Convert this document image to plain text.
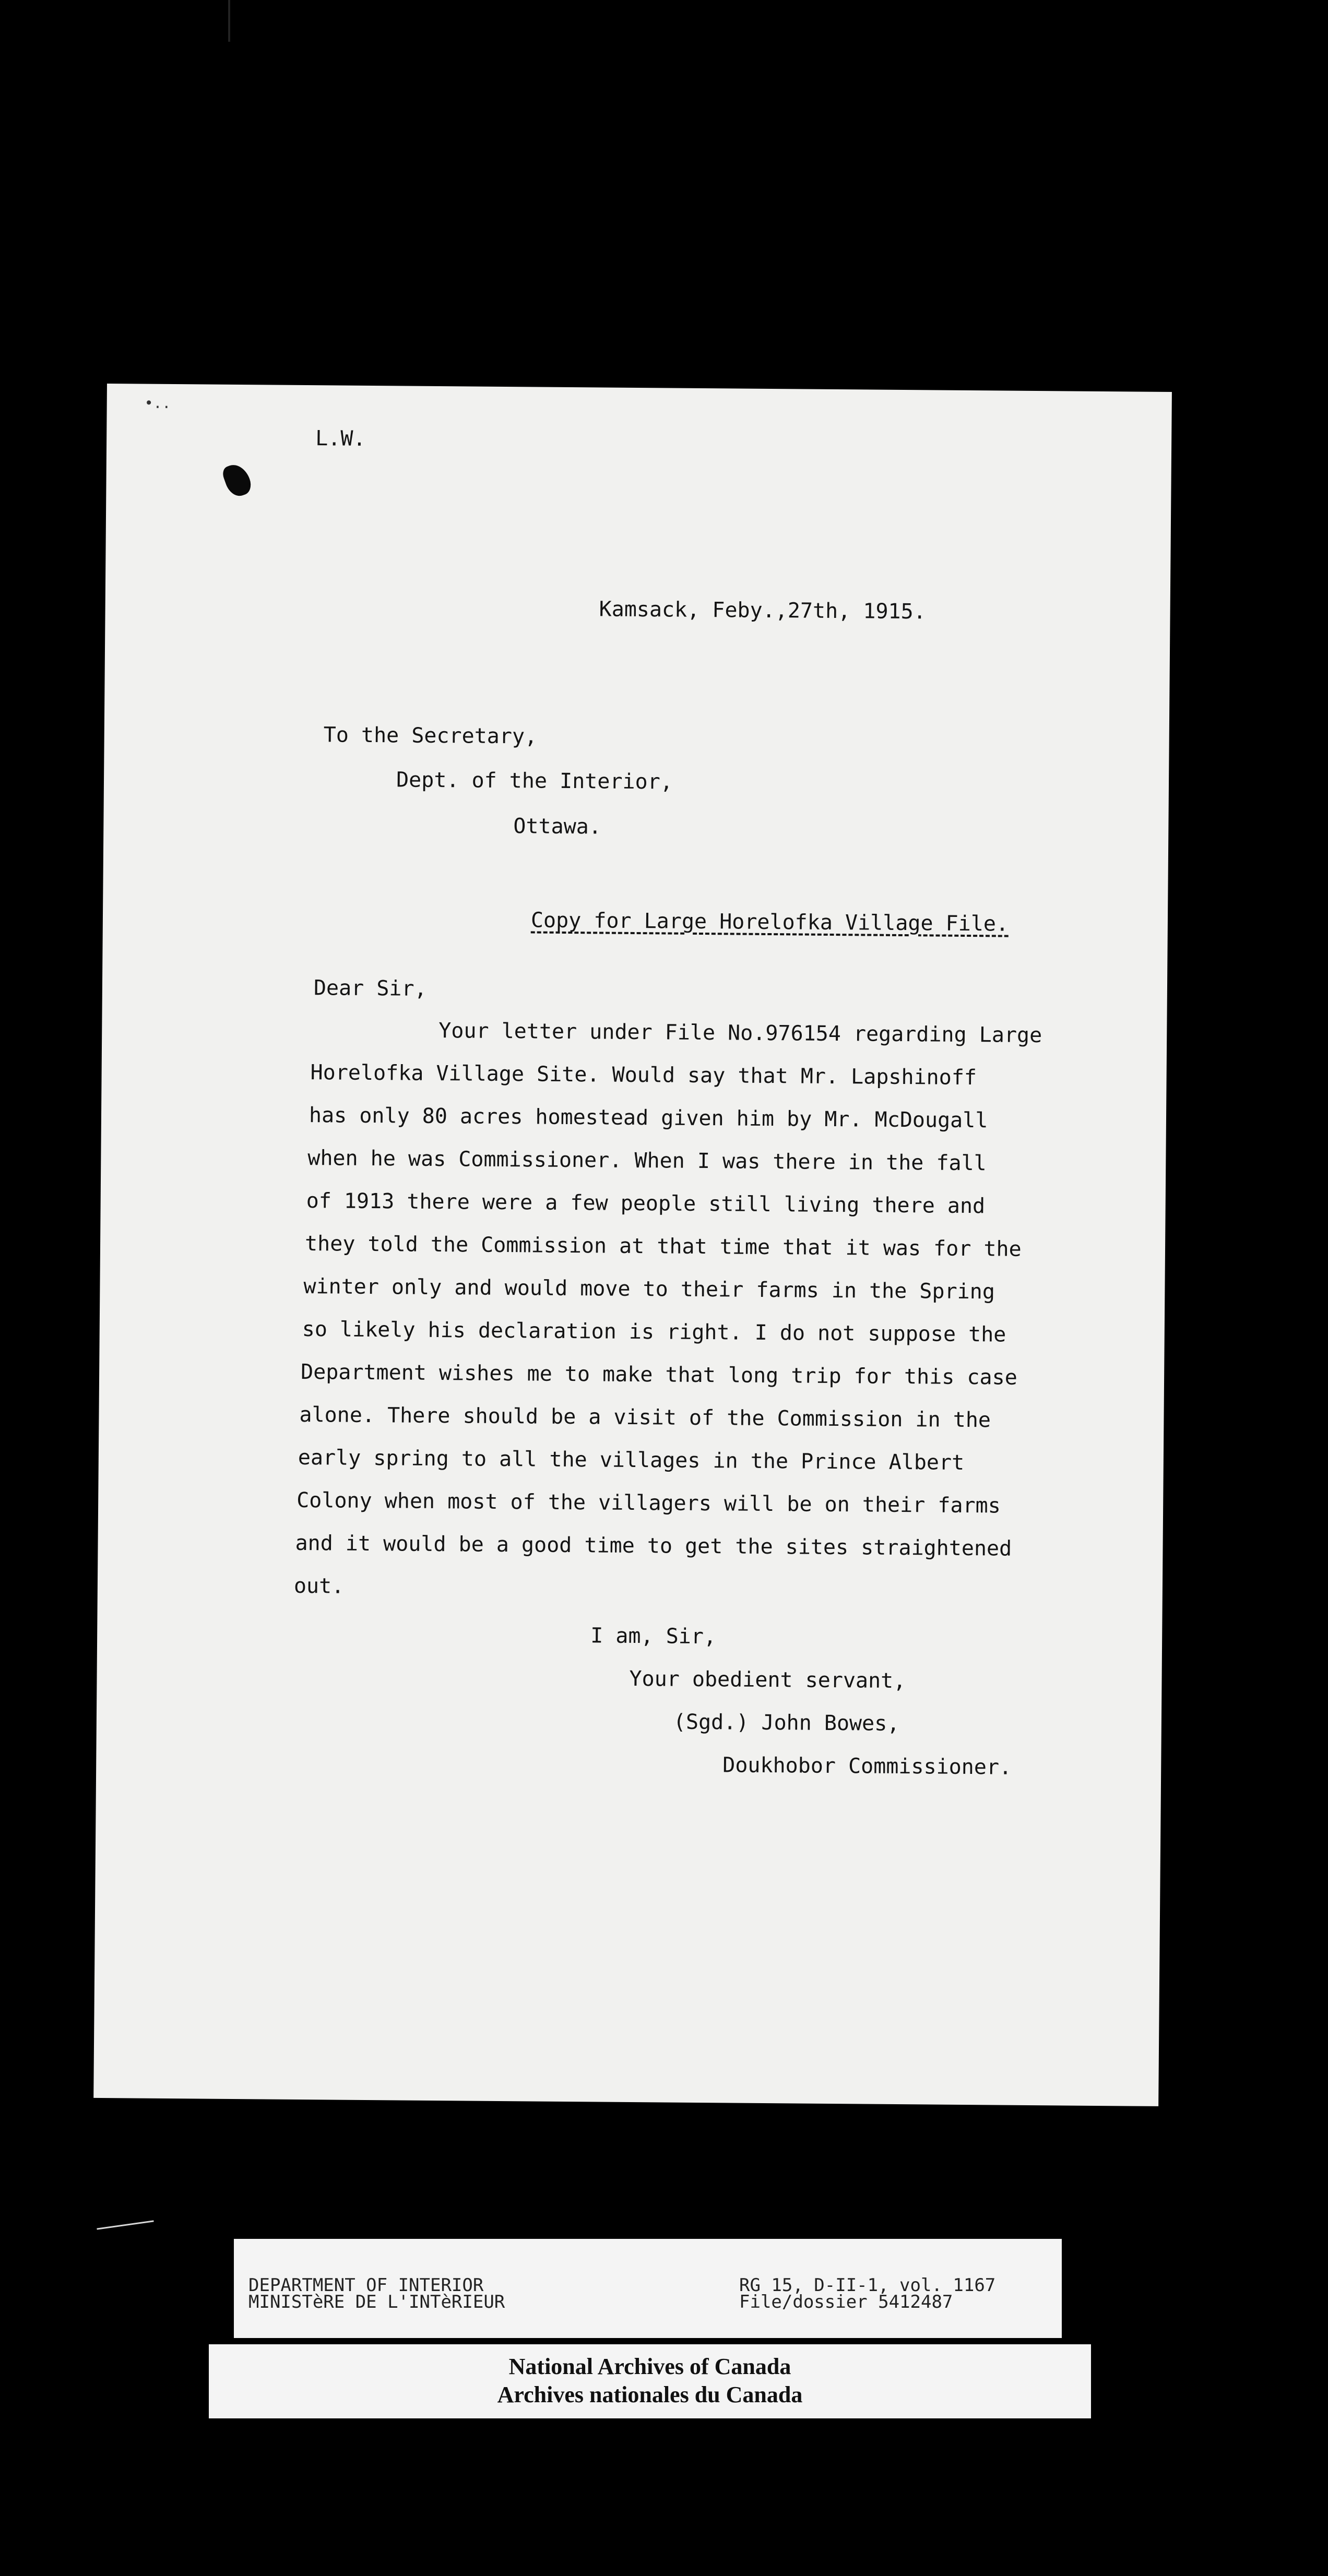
•..
L.W.
Kamsack, Feby.,27th, 1915.
To the Secretary,
Dept. of the Interior,
Ottawa.
Copy for Large Horelofka Village File.
Dear Sir,
Your letter under File No.976154 regarding Large
Horelofka Village Site. Would say that Mr. Lapshinoff
has only 80 acres homestead given him by Mr. McDougall
when he was Commissioner. When I was there in the fall
of 1913 there were a few people still living there and
they told the Commission at that time that it was for the
winter only and would move to their farms in the Spring
so likely his declaration is right. I do not suppose the
Department wishes me to make that long trip for this case
alone. There should be a visit of the Commission in the
early spring to all the villages in the Prince Albert
Colony when most of the villagers will be on their farms
and it would be a good time to get the sites straightened
out.
I am, Sir,
Your obedient servant,
(Sgd.) John Bowes,
Doukhobor Commissioner.
DEPARTMENT OF INTERIOR
MINISTèRE DE L'INTèRIEUR
RG 15, D-II-1, vol. 1167
File/dossier 5412487
National Archives of Canada
Archives nationales du Canada
